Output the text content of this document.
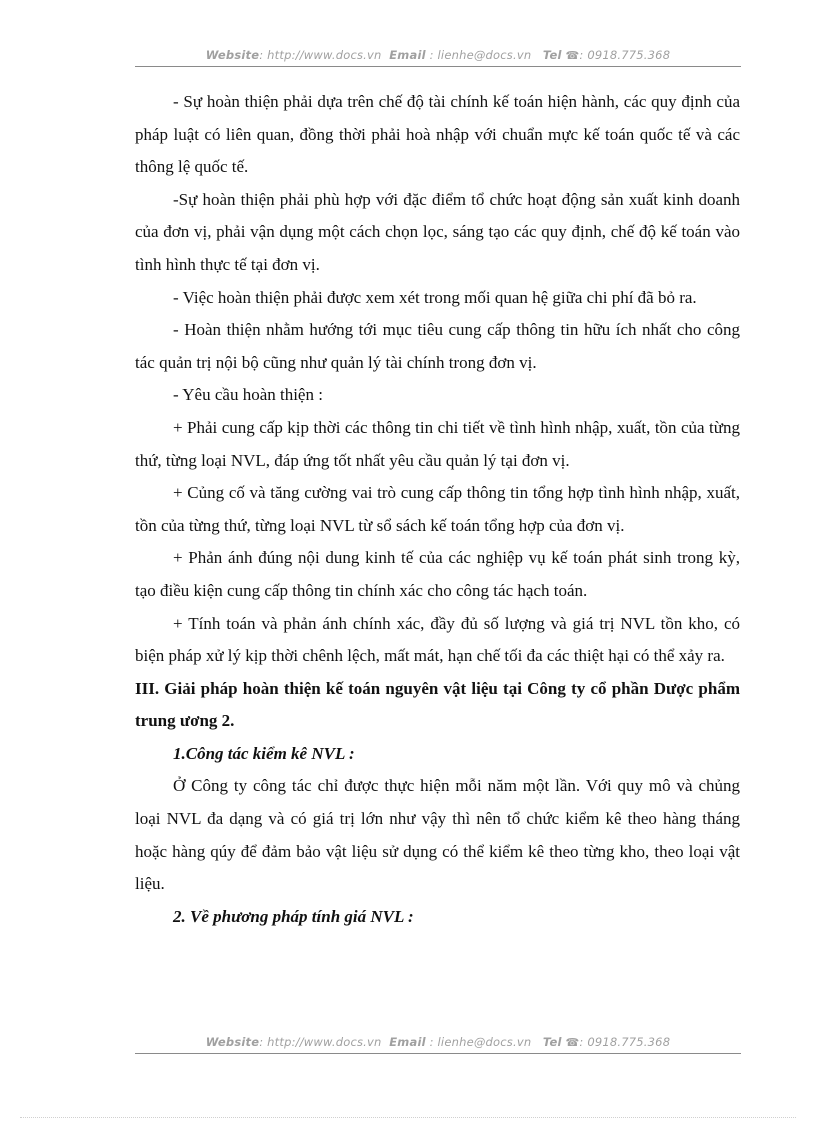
Website: http://www.docs.vn Email : lienhe@docs.vn Tel ☎: 0918.775.368

- Sự hoàn thiện phải dựa trên chế độ tài chính kế toán hiện hành, các quy định của pháp luật có liên quan, đồng thời phải hoà nhập với chuẩn mực kế toán quốc tế và các thông lệ quốc tế.

-Sự hoàn thiện phải phù hợp với đặc điểm tổ chức hoạt động sản xuất kinh doanh của đơn vị, phải vận dụng một cách chọn lọc, sáng tạo các quy định, chế độ kế toán vào tình hình thực tế tại đơn vị.

- Việc hoàn thiện phải được xem xét trong mối quan hệ giữa chi phí đã bỏ ra.

- Hoàn thiện nhằm hướng tới mục tiêu cung cấp thông tin hữu ích nhất cho công tác quản trị nội bộ cũng như quản lý tài chính trong đơn vị.

- Yêu cầu hoàn thiện :

+ Phải cung cấp kịp thời các thông tin chi tiết về tình hình nhập, xuất, tồn của từng thứ, từng loại NVL, đáp ứng tốt nhất yêu cầu quản lý tại đơn vị.

+ Củng cố và tăng cường vai trò cung cấp thông tin tổng hợp tình hình nhập, xuất, tồn của từng thứ, từng loại NVL từ sổ sách kế toán tổng hợp của đơn vị.

+ Phản ánh đúng nội dung kinh tế của các nghiệp vụ kế toán phát sinh trong kỳ, tạo điều kiện cung cấp thông tin chính xác cho công tác hạch toán.

+ Tính toán và phản ánh chính xác, đầy đủ số lượng và giá trị NVL tồn kho, có biện pháp xử lý kịp thời chênh lệch, mất mát, hạn chế tối đa các thiệt hại có thể xảy ra.

III. Giải pháp hoàn thiện kế toán nguyên vật liệu tại Công ty cổ phần Dược phẩm trung ương 2.

1.Công tác kiểm kê NVL :

Ở Công ty công tác chỉ được thực hiện mỗi năm một lần. Với quy mô và chủng loại NVL đa dạng và có giá trị lớn như vậy thì nên tổ chức kiểm kê theo hàng tháng hoặc hàng qúy để đảm bảo vật liệu sử dụng có thể kiểm kê theo từng kho, theo loại vật liệu.

2. Về phương pháp tính giá NVL :

Website: http://www.docs.vn Email : lienhe@docs.vn Tel ☎: 0918.775.368
